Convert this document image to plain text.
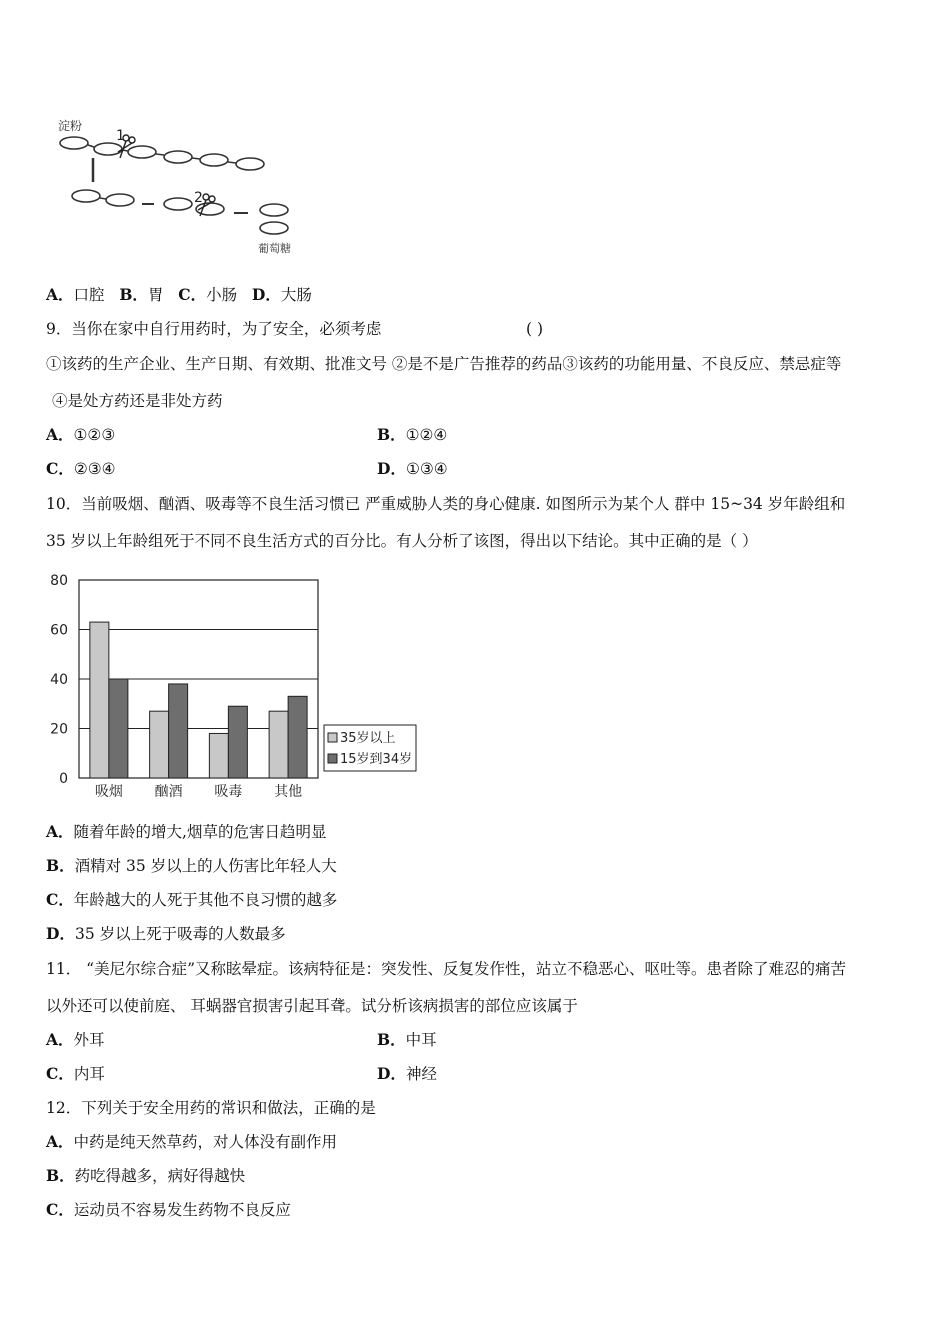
淀粉
1
2
葡萄糖
A．口腔 B．胃 C．小肠 D．大肠
9．当你在家中自行用药时，为了安全，必须考虑	( )
①该药的生产企业、生产日期、有效期、批准文号 ②是不是广告推荐的药品③该药的功能用量、不良反应、禁忌症等
④是处方药还是非处方药
A．①②③	B．①②④
C．②③④	D．①③④
10．当前吸烟、酗酒、吸毒等不良生活习惯已 严重威胁人类的身心健康. 如图所示为某个人 群中 15~34 岁年龄组和
35 岁以上年龄组死于不同不良生活方式的百分比。有人分析了该图，得出以下结论。其中正确的是（ ）
0
20
40
60
80
吸烟 酗酒 吸毒 其他
35岁以上
15岁到34岁
A．随着年龄的增大,烟草的危害日趋明显
B．酒精对 35 岁以上的人伤害比年轻人大
C．年龄越大的人死于其他不良习惯的越多
D．35 岁以上死于吸毒的人数最多
11． “美尼尔综合症”又称眩晕症。该病特征是：突发性、反复发作性，站立不稳恶心、呕吐等。患者除了难忍的痛苦
以外还可以使前庭、 耳蜗器官损害引起耳聋。试分析该病损害的部位应该属于
A．外耳	B．中耳
C．内耳	D．神经
12．下列关于安全用药的常识和做法，正确的是
A．中药是纯天然草药，对人体没有副作用
B．药吃得越多，病好得越快
C．运动员不容易发生药物不良反应
